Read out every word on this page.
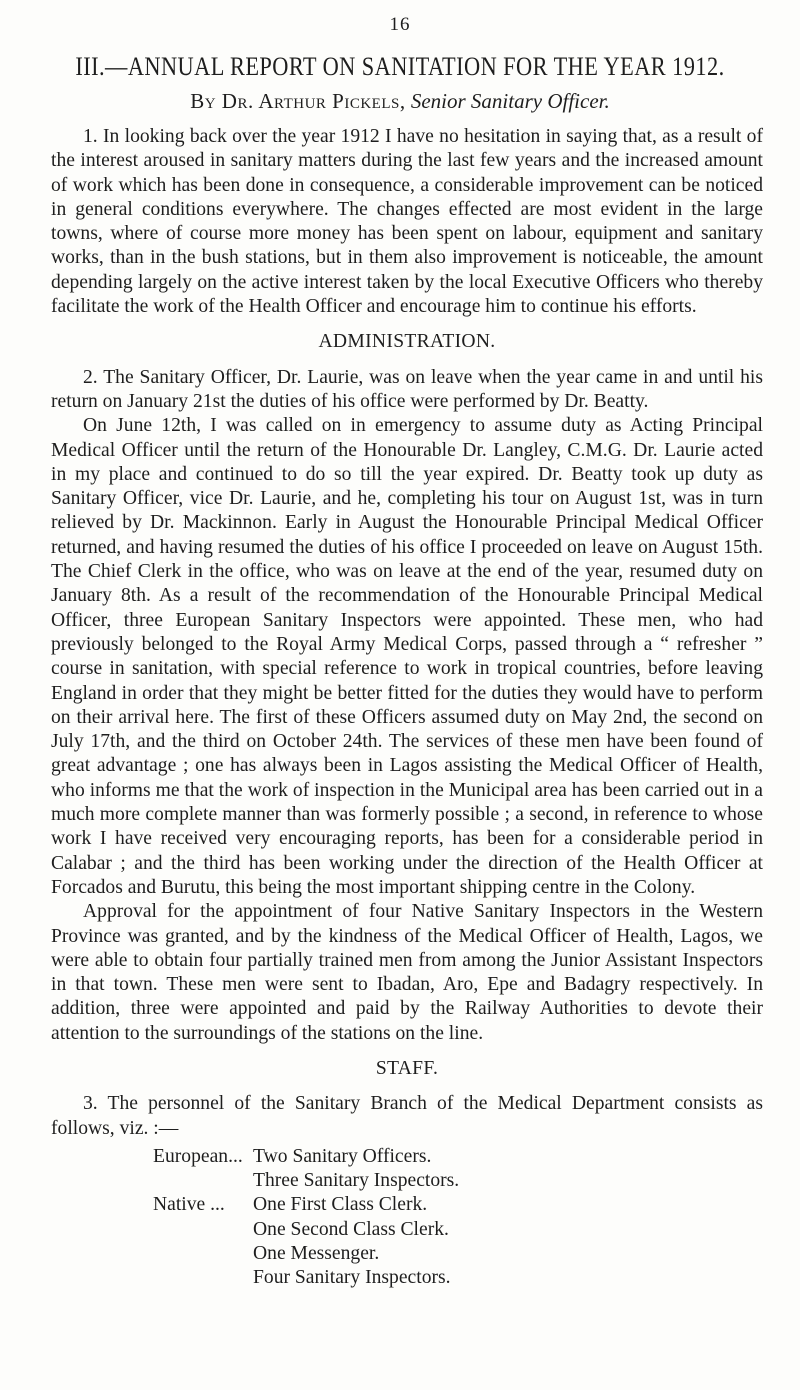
16
III.—ANNUAL REPORT ON SANITATION FOR THE YEAR 1912.
By Dr. Arthur Pickels, Senior Sanitary Officer.

1. In looking back over the year 1912 I have no hesitation in saying that, as a result of the interest aroused in sanitary matters during the last few years and the increased amount of work which has been done in consequence, a considerable improvement can be noticed in general conditions everywhere. The changes effected are most evident in the large towns, where of course more money has been spent on labour, equipment and sanitary works, than in the bush stations, but in them also improvement is noticeable, the amount depending largely on the active interest taken by the local Executive Officers who thereby facilitate the work of the Health Officer and encourage him to continue his efforts.

ADMINISTRATION.

2. The Sanitary Officer, Dr. Laurie, was on leave when the year came in and until his return on January 21st the duties of his office were performed by Dr. Beatty.

On June 12th, I was called on in emergency to assume duty as Acting Principal Medical Officer until the return of the Honourable Dr. Langley, C.M.G. Dr. Laurie acted in my place and continued to do so till the year expired. Dr. Beatty took up duty as Sanitary Officer, vice Dr. Laurie, and he, completing his tour on August 1st, was in turn relieved by Dr. Mackinnon. Early in August the Honourable Principal Medical Officer returned, and having resumed the duties of his office I proceeded on leave on August 15th. The Chief Clerk in the office, who was on leave at the end of the year, resumed duty on January 8th. As a result of the recommendation of the Honourable Principal Medical Officer, three European Sanitary Inspectors were appointed. These men, who had previously belonged to the Royal Army Medical Corps, passed through a “ refresher ” course in sanitation, with special reference to work in tropical countries, before leaving England in order that they might be better fitted for the duties they would have to perform on their arrival here. The first of these Officers assumed duty on May 2nd, the second on July 17th, and the third on October 24th. The services of these men have been found of great advantage ; one has always been in Lagos assisting the Medical Officer of Health, who informs me that the work of inspection in the Municipal area has been carried out in a much more complete manner than was formerly possible ; a second, in reference to whose work I have received very encouraging reports, has been for a considerable period in Calabar ; and the third has been working under the direction of the Health Officer at Forcados and Burutu, this being the most important shipping centre in the Colony.

Approval for the appointment of four Native Sanitary Inspectors in the Western Province was granted, and by the kindness of the Medical Officer of Health, Lagos, we were able to obtain four partially trained men from among the Junior Assistant Inspectors in that town. These men were sent to Ibadan, Aro, Epe and Badagry respectively. In addition, three were appointed and paid by the Railway Authorities to devote their attention to the surroundings of the stations on the line.

STAFF.

3. The personnel of the Sanitary Branch of the Medical Department consists as follows, viz. :—

European... Two Sanitary Officers.
Three Sanitary Inspectors.
Native ...	One First Class Clerk.
One Second Class Clerk.
One Messenger.
Four Sanitary Inspectors.
